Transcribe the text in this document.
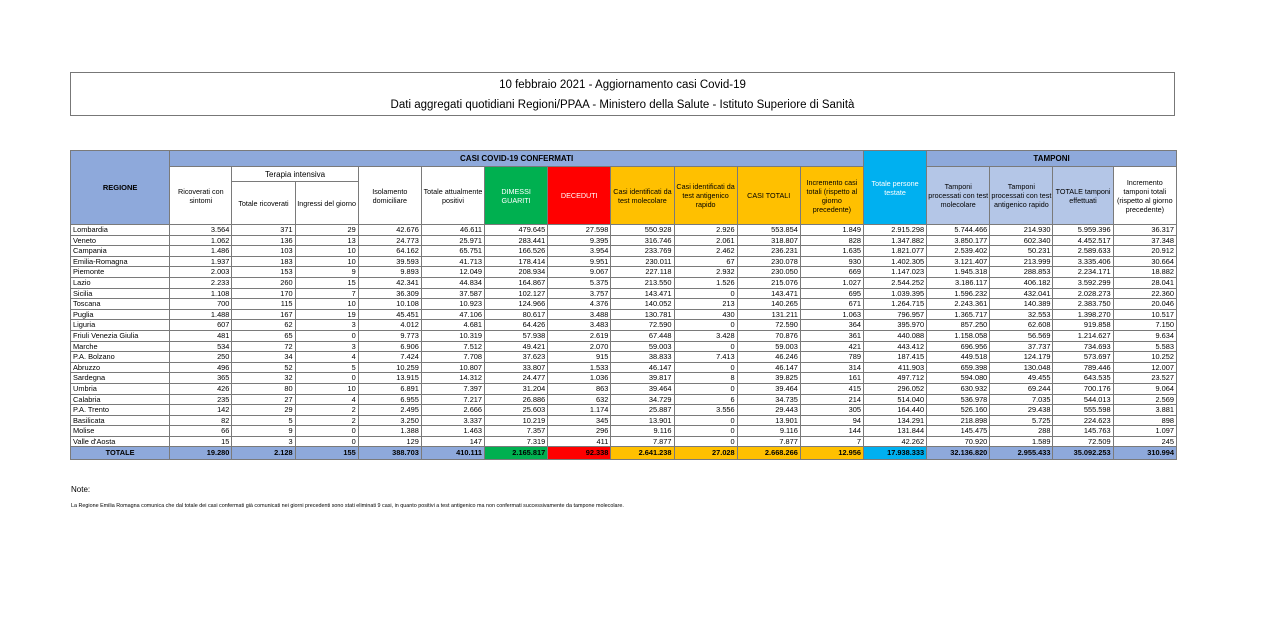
10 febbraio 2021 - Aggiornamento casi Covid-19
Dati aggregati quotidiani Regioni/PPAA - Ministero della Salute - Istituto Superiore di Sanità
REGIONE	CASI COVID-19 CONFERMATI											Totale persone testate	TAMPONI			
	Ricoverati con sintomi	Terapia intensiva		Isolamento domiciliare	Totale attualmente positivi	DIMESSI GUARITI	DECEDUTI	Casi identificati da test molecolare	Casi identificati da test antigenico rapido	CASI TOTALI	Incremento casi totali (rispetto al giorno precedente)		Tamponi processati con test molecolare	Tamponi processati con test antigenico rapido	TOTALE tamponi effettuati	Incremento tamponi totali (rispetto al giorno precedente)
		Totale ricoverati	Ingressi del giorno													
Lombardia	3.564	371	29	42.676	46.611	479.645	27.598	550.928	2.926	553.854	1.849	2.915.298	5.744.466	214.930	5.959.396	36.317
Veneto	1.062	136	13	24.773	25.971	283.441	9.395	316.746	2.061	318.807	828	1.347.882	3.850.177	602.340	4.452.517	37.348
Campania	1.486	103	10	64.162	65.751	166.526	3.954	233.769	2.462	236.231	1.635	1.821.077	2.539.402	50.231	2.589.633	20.912
Emilia-Romagna	1.937	183	10	39.593	41.713	178.414	9.951	230.011	67	230.078	930	1.402.305	3.121.407	213.999	3.335.406	30.664
Piemonte	2.003	153	9	9.893	12.049	208.934	9.067	227.118	2.932	230.050	669	1.147.023	1.945.318	288.853	2.234.171	18.882
Lazio	2.233	260	15	42.341	44.834	164.867	5.375	213.550	1.526	215.076	1.027	2.544.252	3.186.117	406.182	3.592.299	28.041
Sicilia	1.108	170	7	36.309	37.587	102.127	3.757	143.471	0	143.471	695	1.039.395	1.596.232	432.041	2.028.273	22.360
Toscana	700	115	10	10.108	10.923	124.966	4.376	140.052	213	140.265	671	1.264.715	2.243.361	140.389	2.383.750	20.046
Puglia	1.488	167	19	45.451	47.106	80.617	3.488	130.781	430	131.211	1.063	796.957	1.365.717	32.553	1.398.270	10.517
Liguria	607	62	3	4.012	4.681	64.426	3.483	72.590	0	72.590	364	395.970	857.250	62.608	919.858	7.150
Friuli Venezia Giulia	481	65	0	9.773	10.319	57.938	2.619	67.448	3.428	70.876	361	440.088	1.158.058	56.569	1.214.627	9.634
Marche	534	72	3	6.906	7.512	49.421	2.070	59.003	0	59.003	421	443.412	696.956	37.737	734.693	5.583
P.A. Bolzano	250	34	4	7.424	7.708	37.623	915	38.833	7.413	46.246	789	187.415	449.518	124.179	573.697	10.252
Abruzzo	496	52	5	10.259	10.807	33.807	1.533	46.147	0	46.147	314	411.903	659.398	130.048	789.446	12.007
Sardegna	365	32	0	13.915	14.312	24.477	1.036	39.817	8	39.825	161	497.712	594.080	49.455	643.535	23.527
Umbria	426	80	10	6.891	7.397	31.204	863	39.464	0	39.464	415	296.052	630.932	69.244	700.176	9.064
Calabria	235	27	4	6.955	7.217	26.886	632	34.729	6	34.735	214	514.040	536.978	7.035	544.013	2.569
P.A. Trento	142	29	2	2.495	2.666	25.603	1.174	25.887	3.556	29.443	305	164.440	526.160	29.438	555.598	3.881
Basilicata	82	5	2	3.250	3.337	10.219	345	13.901	0	13.901	94	134.291	218.898	5.725	224.623	898
Molise	66	9	0	1.388	1.463	7.357	296	9.116	0	9.116	144	131.844	145.475	288	145.763	1.097
Valle d'Aosta	15	3	0	129	147	7.319	411	7.877	0	7.877	7	42.262	70.920	1.589	72.509	245
TOTALE	19.280	2.128	155	388.703	410.111	2.165.817	92.338	2.641.238	27.028	2.668.266	12.956	17.938.333	32.136.820	2.955.433	35.092.253	310.994
Note:
La Regione Emilia Romagna comunica che dal totale dei casi confermati già comunicati nei giorni precedenti sono stati eliminati 9 casi, in quanto positivi a test antigenico ma non confermati successivamente da tampone molecolare.
